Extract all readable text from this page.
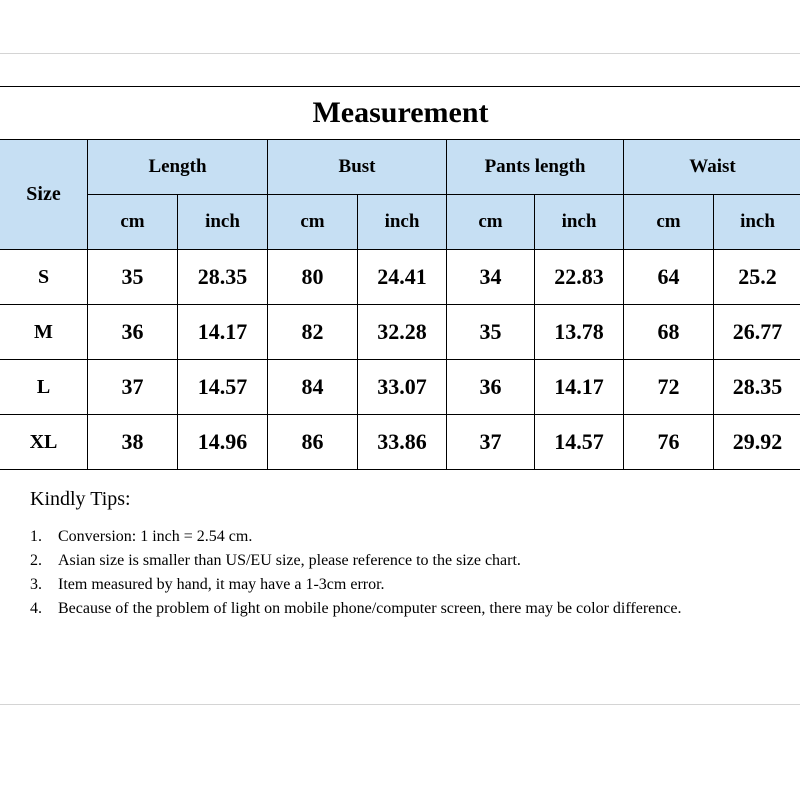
Measurement								
Size	Length		Bust		Pants length		Waist	
	cm	inch	cm	inch	cm	inch	cm	inch
S	35	28.35	80	24.41	34	22.83	64	25.2
M	36	14.17	82	32.28	35	13.78	68	26.77
L	37	14.57	84	33.07	36	14.17	72	28.35
XL	38	14.96	86	33.86	37	14.57	76	29.92
Kindly Tips:
1.	Conversion: 1 inch = 2.54 cm.
2.	Asian size is smaller than US/EU size, please reference to the size chart.
3.	Item measured by hand, it may have a 1-3cm error.
4.	Because of the problem of light on mobile phone/computer screen, there may be color difference.
